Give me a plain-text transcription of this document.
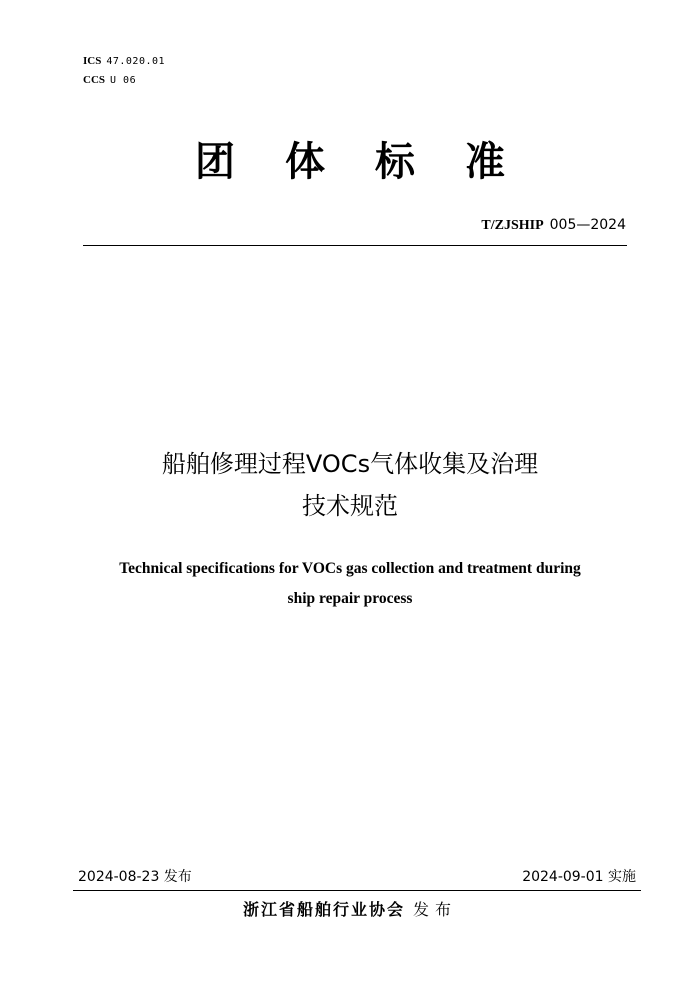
ICS 47.020.01
CCS U 06
团 体 标 准
T/ZJSHIP 005—2024
船舶修理过程VOCs气体收集及治理
技术规范
Technical specifications for VOCs gas collection and treatment during
ship repair process
2024-08-23 发布	2024-09-01 实施
浙江省船舶行业协会 发布
